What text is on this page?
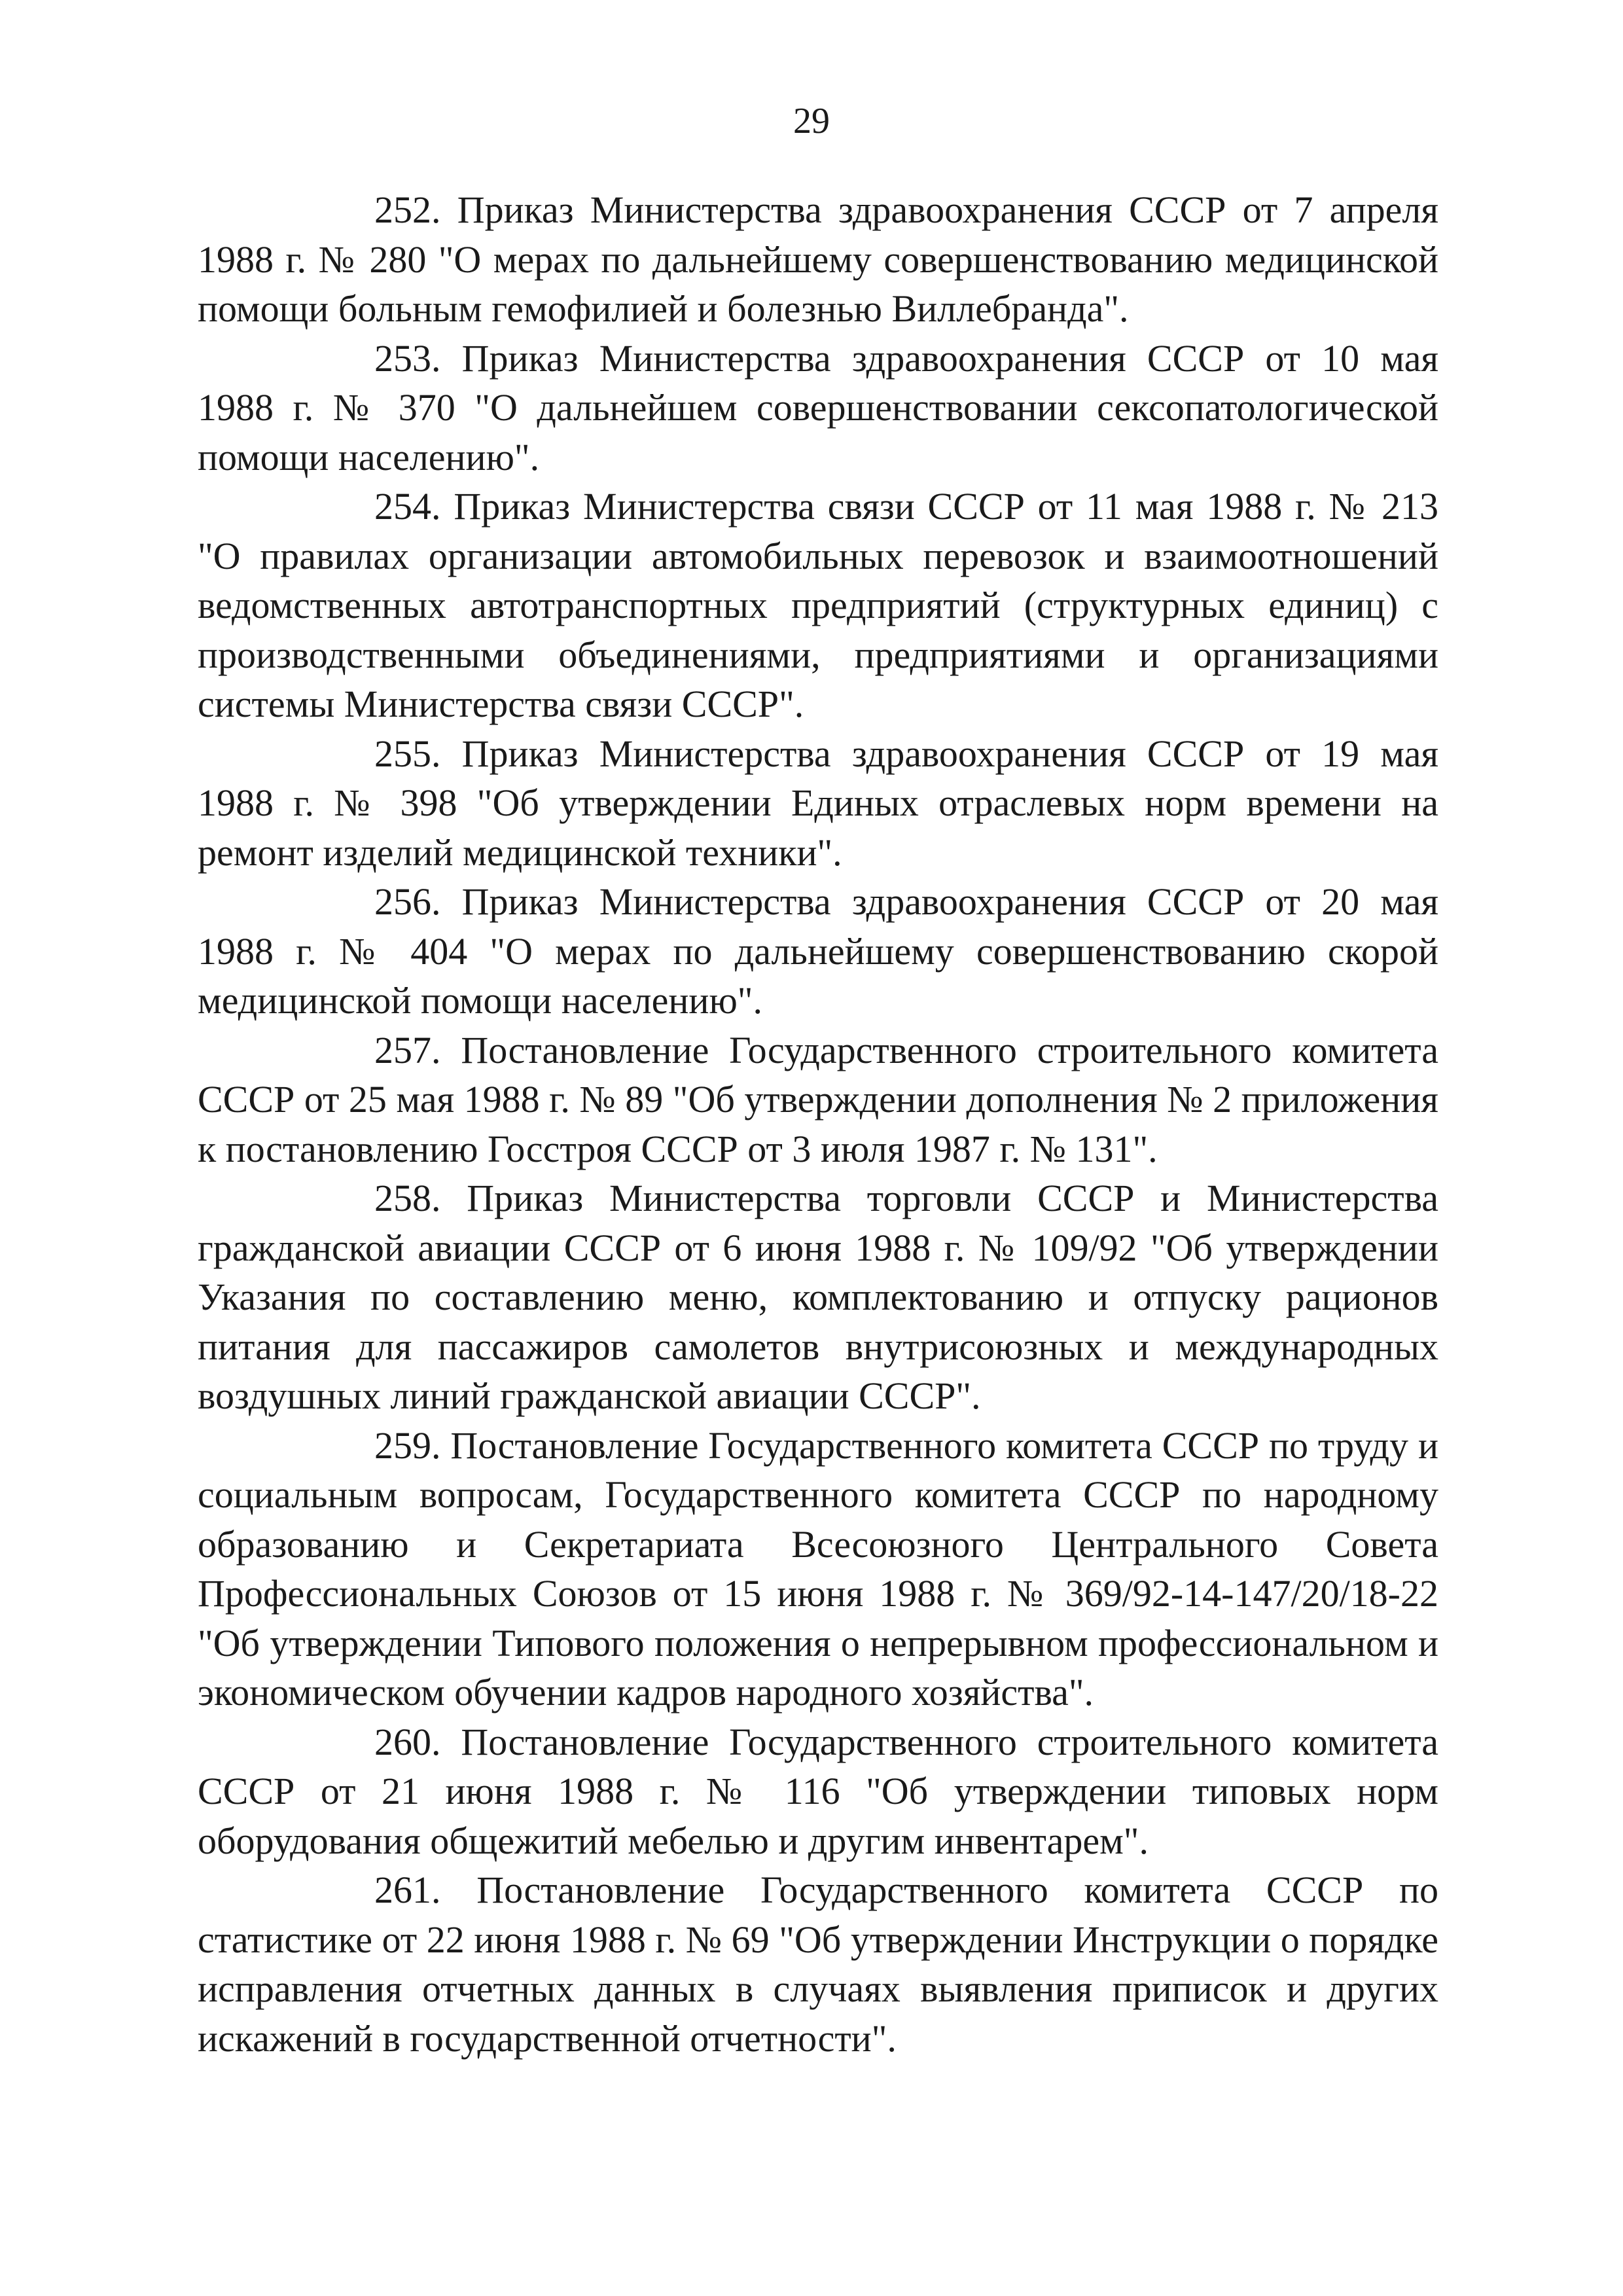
29

252. Приказ Министерства здравоохранения СССР от 7 апреля 1988 г. № 280 "О мерах по дальнейшему совершенствованию медицинской помощи больным гемофилией и болезнью Виллебранда".

253. Приказ Министерства здравоохранения СССР от 10 мая 1988 г. № 370 "О дальнейшем совершенствовании сексопатологической помощи населению".

254. Приказ Министерства связи СССР от 11 мая 1988 г. № 213 "О правилах организации автомобильных перевозок и взаимоотношений ведомственных автотранспортных предприятий (структурных единиц) с производственными объединениями, предприятиями и организациями системы Министерства связи СССР".

255. Приказ Министерства здравоохранения СССР от 19 мая 1988 г. № 398 "Об утверждении Единых отраслевых норм времени на ремонт изделий медицинской техники".

256. Приказ Министерства здравоохранения СССР от 20 мая 1988 г. № 404 "О мерах по дальнейшему совершенствованию скорой медицинской помощи населению".

257. Постановление Государственного строительного комитета СССР от 25 мая 1988 г. № 89 "Об утверждении дополнения № 2 приложения к постановлению Госстроя СССР от 3 июля 1987 г. № 131".

258. Приказ Министерства торговли СССР и Министерства гражданской авиации СССР от 6 июня 1988 г. № 109/92 "Об утверждении Указания по составлению меню, комплектованию и отпуску рационов питания для пассажиров самолетов внутрисоюзных и международных воздушных линий гражданской авиации СССР".

259. Постановление Государственного комитета СССР по труду и социальным вопросам, Государственного комитета СССР по народному образованию и Секретариата Всесоюзного Центрального Совета Профессиональных Союзов от 15 июня 1988 г. № 369/92-14-147/20/18-22 "Об утверждении Типового положения о непрерывном профессиональном и экономическом обучении кадров народного хозяйства".

260. Постановление Государственного строительного комитета СССР от 21 июня 1988 г. № 116 "Об утверждении типовых норм оборудования общежитий мебелью и другим инвентарем".

261. Постановление Государственного комитета СССР по статистике от 22 июня 1988 г. № 69 "Об утверждении Инструкции о порядке исправления отчетных данных в случаях выявления приписок и других искажений в государственной отчетности".
